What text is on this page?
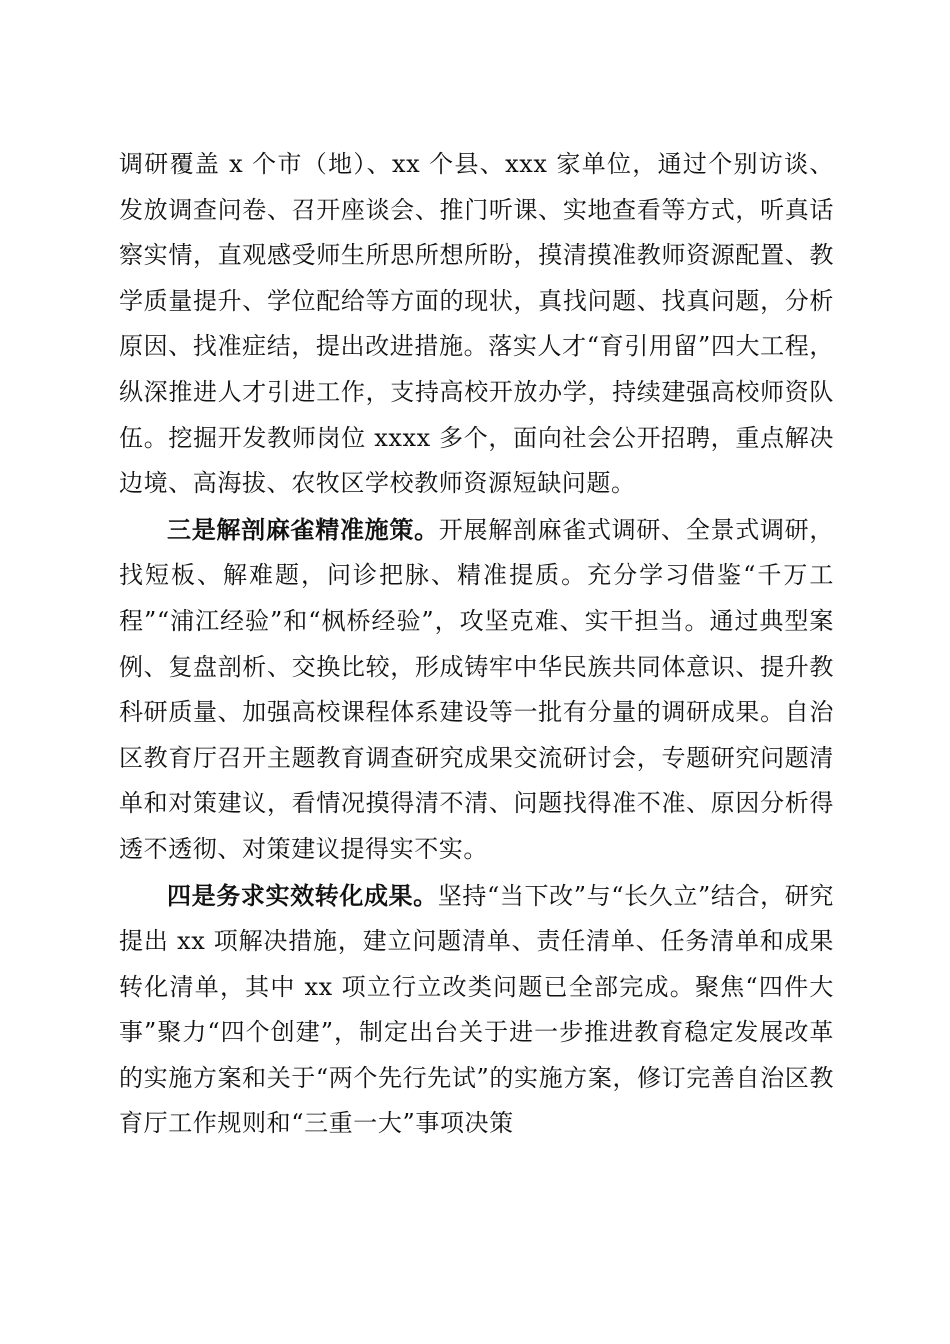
调研覆盖 x 个市（地）、xx 个县、xxx 家单位，通过个别访谈、发放调查问卷、召开座谈会、推门听课、实地查看等方式，听真话察实情，直观感受师生所思所想所盼，摸清摸准教师资源配置、教学质量提升、学位配给等方面的现状，真找问题、找真问题，分析原因、找准症结，提出改进措施。落实人才“育引用留”四大工程，纵深推进人才引进工作，支持高校开放办学，持续建强高校师资队伍。挖掘开发教师岗位 xxxx 多个，面向社会公开招聘，重点解决边境、高海拔、农牧区学校教师资源短缺问题。

三是解剖麻雀精准施策。开展解剖麻雀式调研、全景式调研，找短板、解难题，问诊把脉、精准提质。充分学习借鉴“千万工程”“浦江经验”和“枫桥经验”，攻坚克难、实干担当。通过典型案例、复盘剖析、交换比较，形成铸牢中华民族共同体意识、提升教科研质量、加强高校课程体系建设等一批有分量的调研成果。自治区教育厅召开主题教育调查研究成果交流研讨会，专题研究问题清单和对策建议，看情况摸得清不清、问题找得准不准、原因分析得透不透彻、对策建议提得实不实。

四是务求实效转化成果。坚持“当下改”与“长久立”结合，研究提出 xx 项解决措施，建立问题清单、责任清单、任务清单和成果转化清单，其中 xx 项立行立改类问题已全部完成。聚焦“四件大事”聚力“四个创建”，制定出台关于进一步推进教育稳定发展改革的实施方案和关于“两个先行先试”的实施方案，修订完善自治区教育厅工作规则和“三重一大”事项决策
